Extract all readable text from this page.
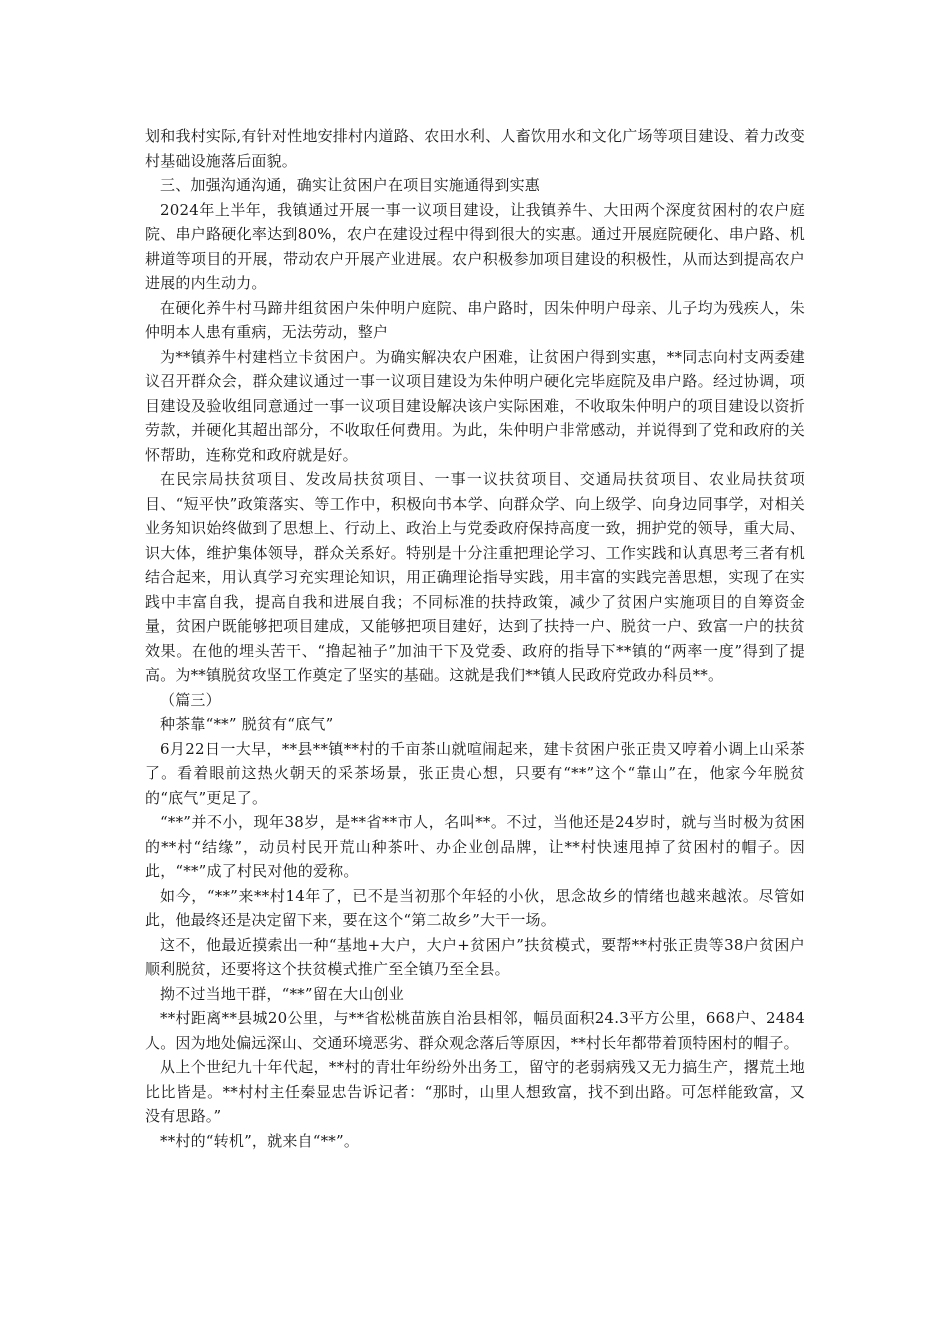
划和我村实际,有针对性地安排村内道路、农田水利、人畜饮用水和文化广场等项目建设、着力改变村基础设施落后面貌。

三、加强沟通沟通，确实让贫困户在项目实施通得到实惠

2024年上半年，我镇通过开展一事一议项目建设，让我镇养牛、大田两个深度贫困村的农户庭院、串户路硬化率达到80%，农户在建设过程中得到很大的实惠。通过开展庭院硬化、串户路、机耕道等项目的开展，带动农户开展产业进展。农户积极参加项目建设的积极性，从而达到提高农户进展的内生动力。

在硬化养牛村马蹄井组贫困户朱仲明户庭院、串户路时，因朱仲明户母亲、儿子均为残疾人，朱仲明本人患有重病，无法劳动，整户

为**镇养牛村建档立卡贫困户。为确实解决农户困难，让贫困户得到实惠，**同志向村支两委建议召开群众会，群众建议通过一事一议项目建设为朱仲明户硬化完毕庭院及串户路。经过协调，项目建设及验收组同意通过一事一议项目建设解决该户实际困难，不收取朱仲明户的项目建设以资折劳款，并硬化其超出部分，不收取任何费用。为此，朱仲明户非常感动，并说得到了党和政府的关怀帮助，连称党和政府就是好。

在民宗局扶贫项目、发改局扶贫项目、一事一议扶贫项目、交通局扶贫项目、农业局扶贫项目、“短平快”政策落实、等工作中，积极向书本学、向群众学、向上级学、向身边同事学，对相关业务知识始终做到了思想上、行动上、政治上与党委政府保持高度一致，拥护党的领导，重大局、识大体，维护集体领导，群众关系好。特别是十分注重把理论学习、工作实践和认真思考三者有机结合起来，用认真学习充实理论知识，用正确理论指导实践，用丰富的实践完善思想，实现了在实践中丰富自我，提高自我和进展自我；不同标准的扶持政策，减少了贫困户实施项目的自筹资金量，贫困户既能够把项目建成，又能够把项目建好，达到了扶持一户、脱贫一户、致富一户的扶贫效果。在他的埋头苦干、“撸起袖子”加油干下及党委、政府的指导下**镇的“两率一度”得到了提高。为**镇脱贫攻坚工作奠定了坚实的基础。这就是我们**镇人民政府党政办科员**。

（篇三）

种茶靠“**” 脱贫有“底气”

6月22日一大早，**县**镇**村的千亩茶山就喧闹起来，建卡贫困户张正贵又哼着小调上山采茶了。看着眼前这热火朝天的采茶场景，张正贵心想，只要有“**”这个“靠山”在，他家今年脱贫的“底气”更足了。

“**”并不小，现年38岁，是**省**市人，名叫**。不过，当他还是24岁时，就与当时极为贫困的**村“结缘”，动员村民开荒山种茶叶、办企业创品牌，让**村快速甩掉了贫困村的帽子。因此，“**”成了村民对他的爱称。

如今，“**”来**村14年了，已不是当初那个年轻的小伙，思念故乡的情绪也越来越浓。尽管如此，他最终还是决定留下来，要在这个“第二故乡”大干一场。

这不，他最近摸索出一种“基地+大户，大户+贫困户”扶贫模式，要帮**村张正贵等38户贫困户顺利脱贫，还要将这个扶贫模式推广至全镇乃至全县。

拗不过当地干群，“**”留在大山创业

**村距离**县城20公里，与**省松桃苗族自治县相邻，幅员面积24.3平方公里，668户、2484人。因为地处偏远深山、交通环境恶劣、群众观念落后等原因，**村长年都带着顶特困村的帽子。

从上个世纪九十年代起，**村的青壮年纷纷外出务工，留守的老弱病残又无力搞生产，撂荒土地比比皆是。**村村主任秦显忠告诉记者：“那时，山里人想致富，找不到出路。可怎样能致富，又没有思路。”

**村的“转机”，就来自“**”。
